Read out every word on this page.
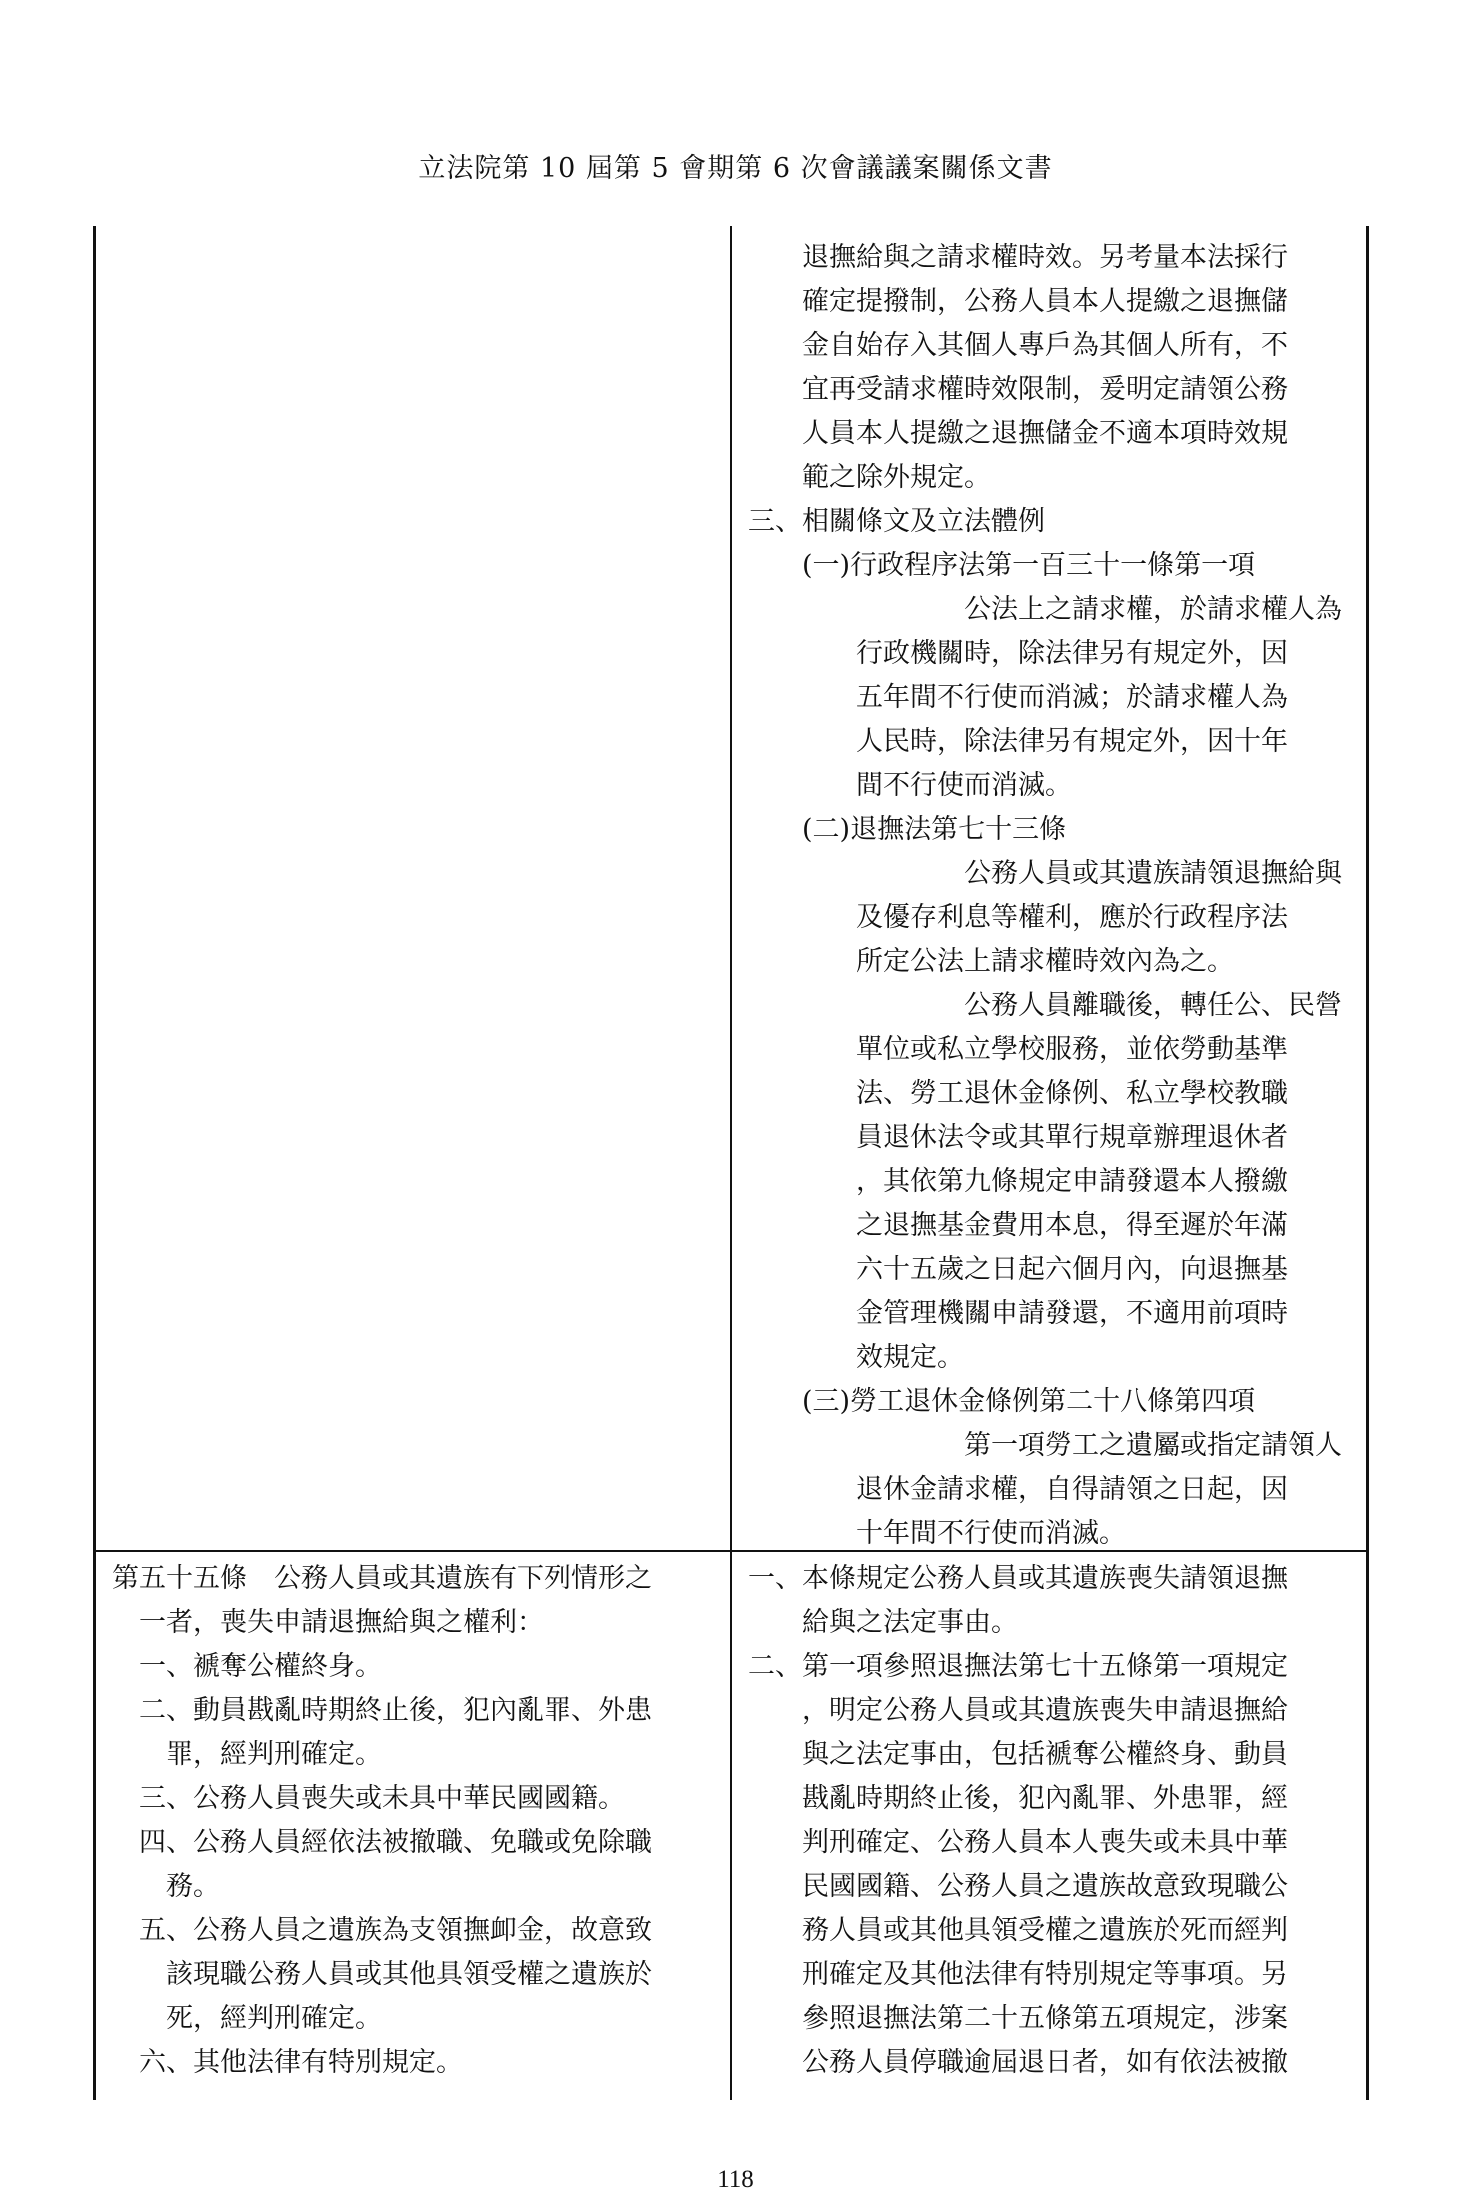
立法院第 10 屆第 5 會期第 6 次會議議案關係文書
退撫給與之請求權時效。另考量本法採行
確定提撥制，公務人員本人提繳之退撫儲
金自始存入其個人專戶為其個人所有，不
宜再受請求權時效限制，爰明定請領公務
人員本人提繳之退撫儲金不適本項時效規
範之除外規定。
三、相關條文及立法體例
(一)行政程序法第一百三十一條第一項
公法上之請求權，於請求權人為
行政機關時，除法律另有規定外，因
五年間不行使而消滅；於請求權人為
人民時，除法律另有規定外，因十年
間不行使而消滅。
(二)退撫法第七十三條
公務人員或其遺族請領退撫給與
及優存利息等權利，應於行政程序法
所定公法上請求權時效內為之。
公務人員離職後，轉任公、民營
單位或私立學校服務，並依勞動基準
法、勞工退休金條例、私立學校教職
員退休法令或其單行規章辦理退休者
，其依第九條規定申請發還本人撥繳
之退撫基金費用本息，得至遲於年滿
六十五歲之日起六個月內，向退撫基
金管理機關申請發還，不適用前項時
效規定。
(三)勞工退休金條例第二十八條第四項
第一項勞工之遺屬或指定請領人
退休金請求權，自得請領之日起，因
十年間不行使而消滅。
第五十五條　公務人員或其遺族有下列情形之
一者，喪失申請退撫給與之權利：
一、褫奪公權終身。
二、動員戡亂時期終止後，犯內亂罪、外患
罪，經判刑確定。
三、公務人員喪失或未具中華民國國籍。
四、公務人員經依法被撤職、免職或免除職
務。
五、公務人員之遺族為支領撫卹金，故意致
該現職公務人員或其他具領受權之遺族於
死，經判刑確定。
六、其他法律有特別規定。
一、本條規定公務人員或其遺族喪失請領退撫
給與之法定事由。
二、第一項參照退撫法第七十五條第一項規定
，明定公務人員或其遺族喪失申請退撫給
與之法定事由，包括褫奪公權終身、動員
戡亂時期終止後，犯內亂罪、外患罪，經
判刑確定、公務人員本人喪失或未具中華
民國國籍、公務人員之遺族故意致現職公
務人員或其他具領受權之遺族於死而經判
刑確定及其他法律有特別規定等事項。另
參照退撫法第二十五條第五項規定，涉案
公務人員停職逾屆退日者，如有依法被撤
118
